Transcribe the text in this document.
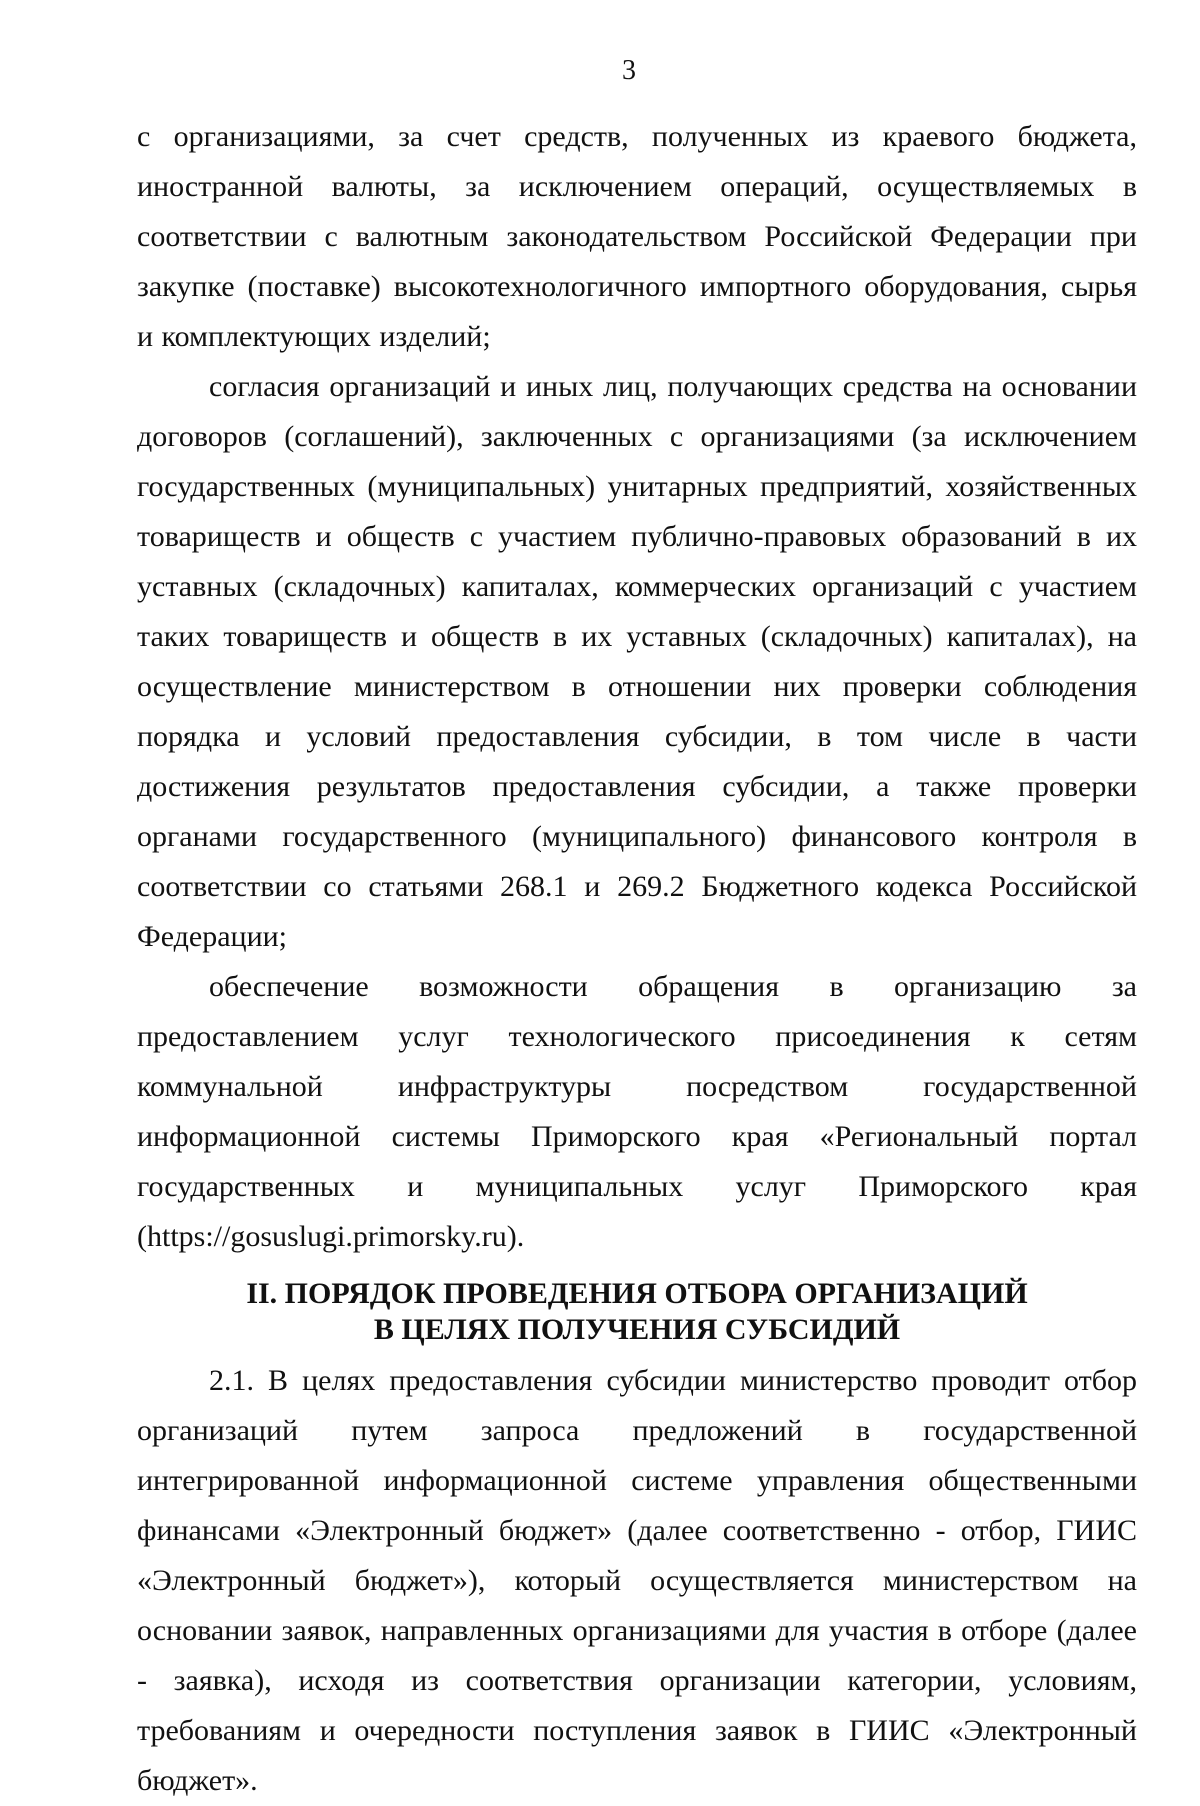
3

с организациями, за счет средств, полученных из краевого бюджета, иностранной валюты, за исключением операций, осуществляемых в соответствии с валютным законодательством Российской Федерации при закупке (поставке) высокотехнологичного импортного оборудования, сырья и комплектующих изделий;

согласия организаций и иных лиц, получающих средства на основании договоров (соглашений), заключенных с организациями (за исключением государственных (муниципальных) унитарных предприятий, хозяйственных товариществ и обществ с участием публично-правовых образований в их уставных (складочных) капиталах, коммерческих организаций с участием таких товариществ и обществ в их уставных (складочных) капиталах), на осуществление министерством в отношении них проверки соблюдения порядка и условий предоставления субсидии, в том числе в части достижения результатов предоставления субсидии, а также проверки органами государственного (муниципального) финансового контроля в соответствии со статьями 268.1 и 269.2 Бюджетного кодекса Российской Федерации;

обеспечение возможности обращения в организацию за предоставлением услуг технологического присоединения к сетям коммунальной инфраструктуры посредством государственной информационной системы Приморского края «Региональный портал государственных и муниципальных услуг Приморского края (https://gosuslugi.primorsky.ru).

II. ПОРЯДОК ПРОВЕДЕНИЯ ОТБОРА ОРГАНИЗАЦИЙ
В ЦЕЛЯХ ПОЛУЧЕНИЯ СУБСИДИЙ

2.1. В целях предоставления субсидии министерство проводит отбор организаций путем запроса предложений в государственной интегрированной информационной системе управления общественными финансами «Электронный бюджет» (далее соответственно - отбор, ГИИС «Электронный бюджет»), который осуществляется министерством на основании заявок, направленных организациями для участия в отборе (далее - заявка), исходя из соответствия организации категории, условиям, требованиям и очередности поступления заявок в ГИИС «Электронный бюджет».
